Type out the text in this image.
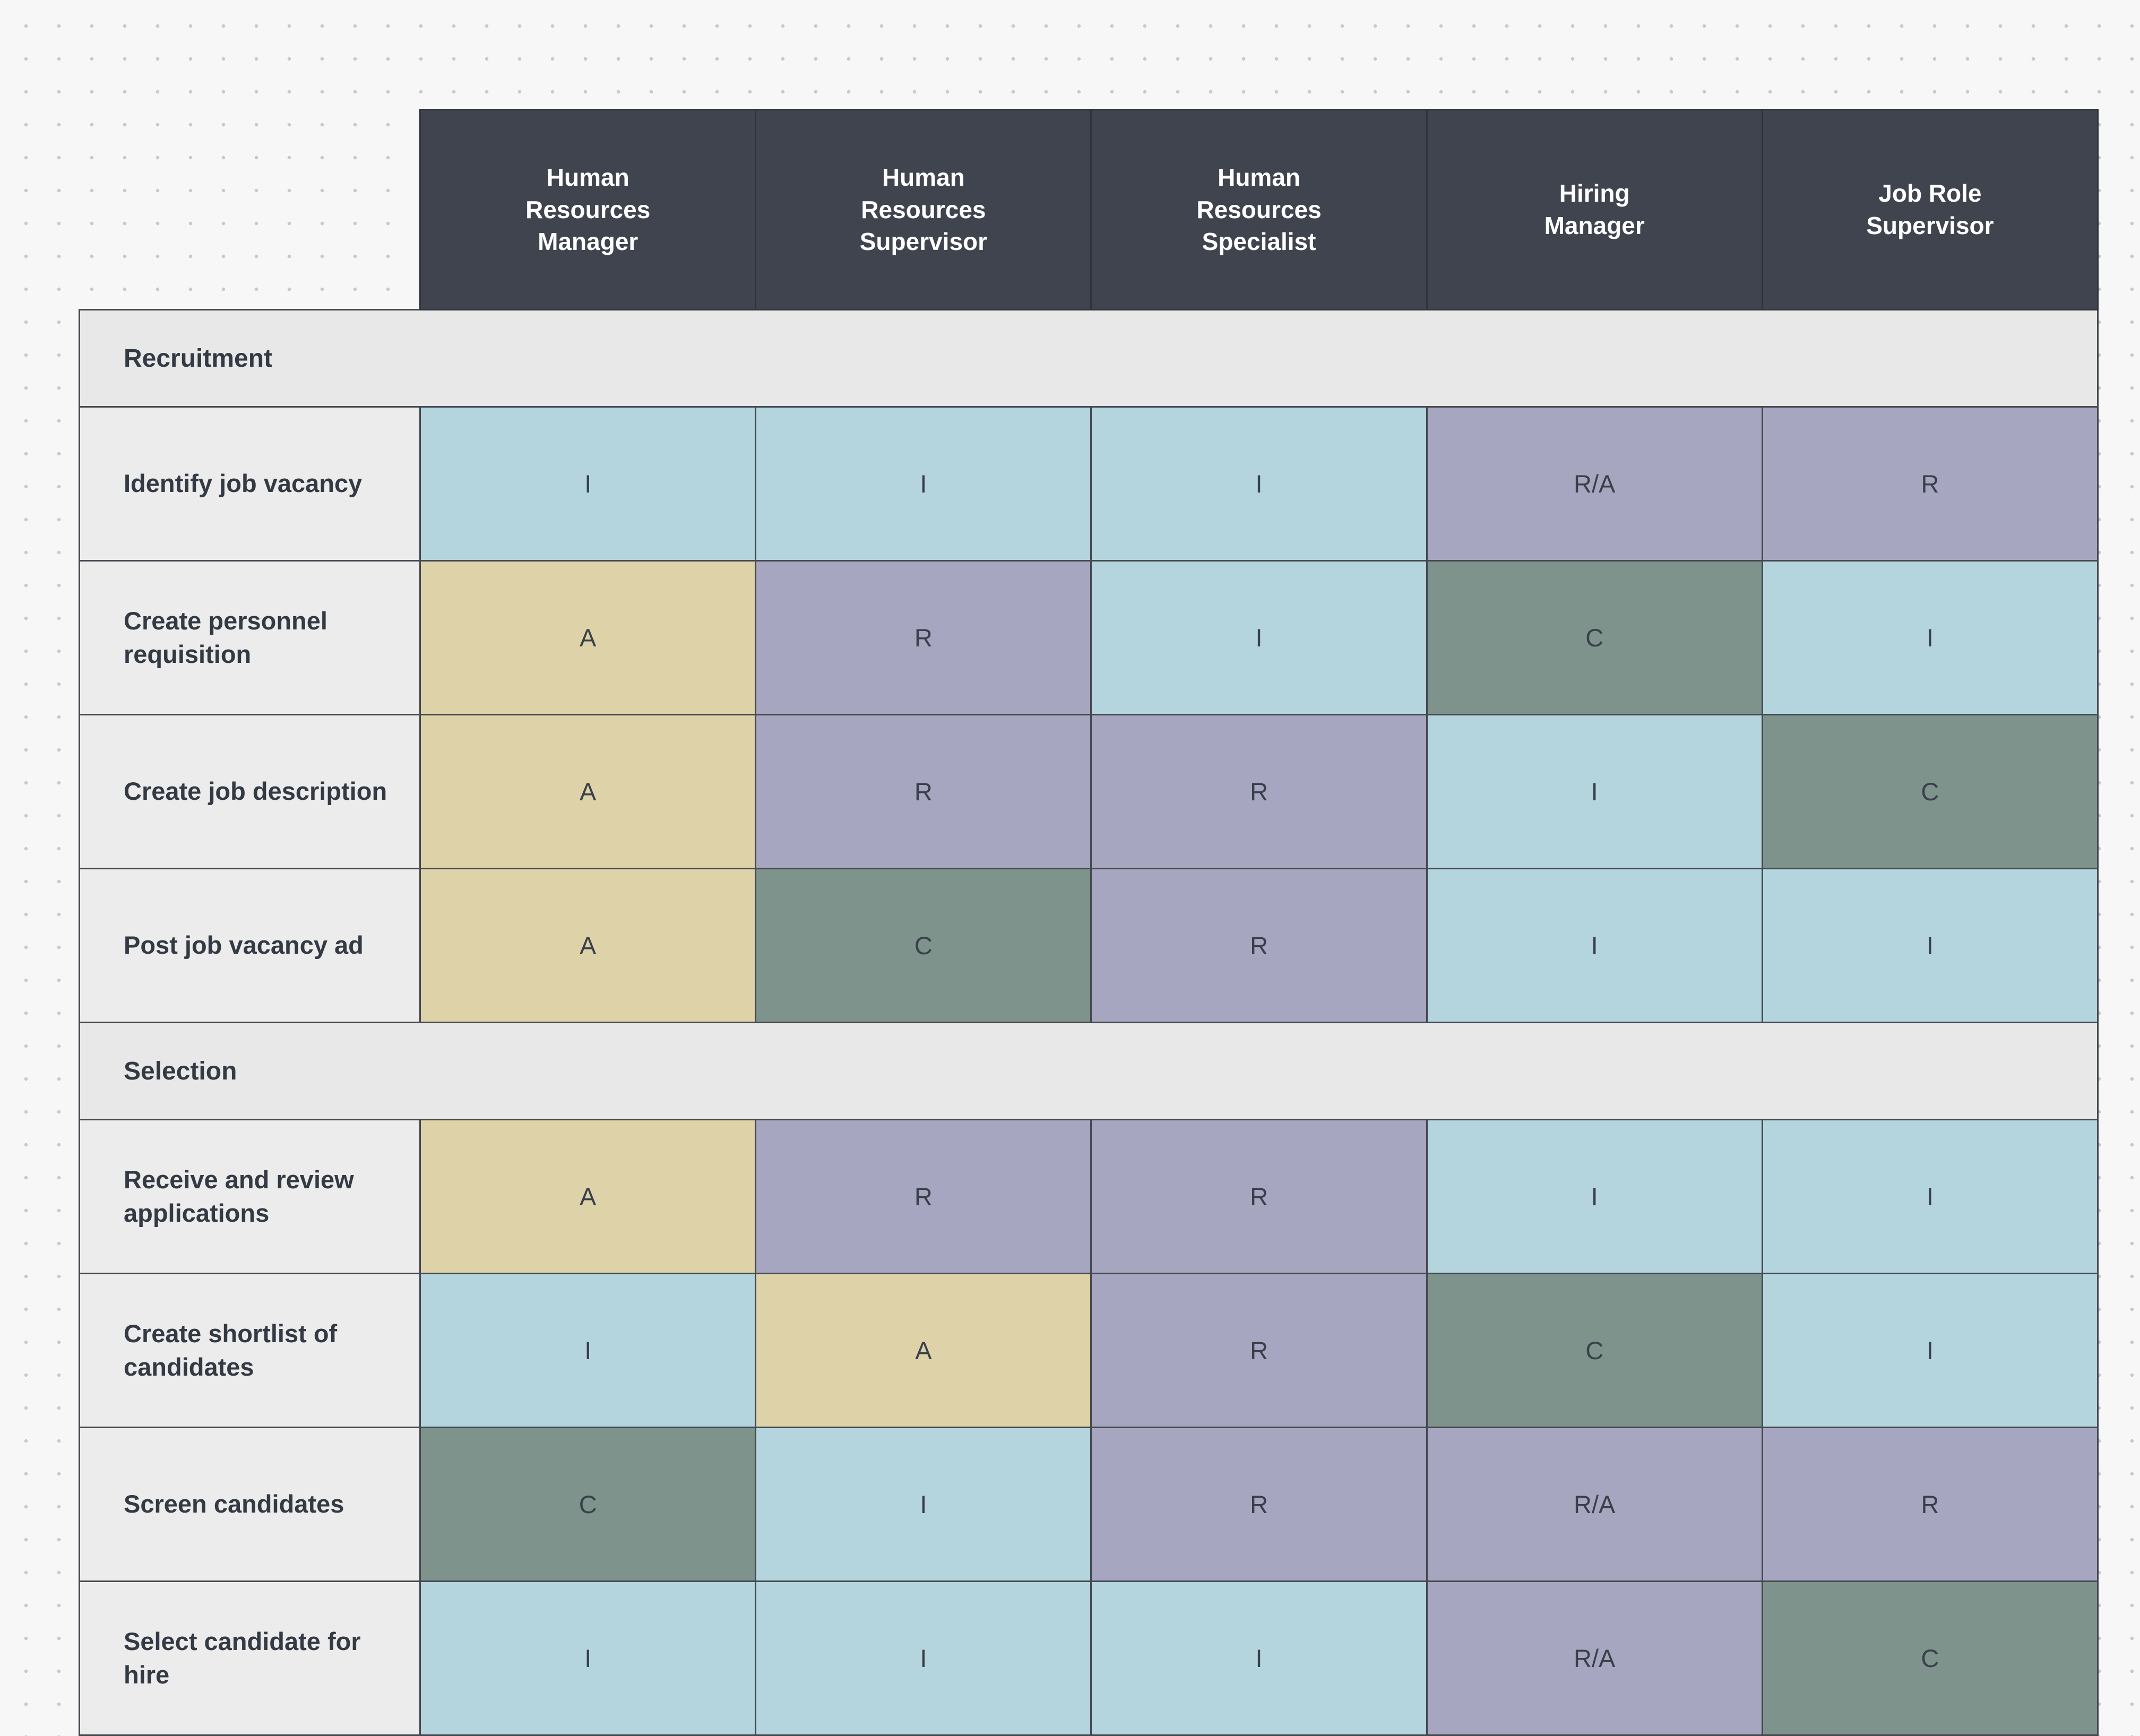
	Human
Resources
Manager	Human
Resources
Supervisor	Human
Resources
Specialist	Hiring
Manager	Job Role
Supervisor
Recruitment					
Identify job vacancy	I	I	I	R/A	R
Create personnel requisition	A	R	I	C	I
Create job description	A	R	R	I	C
Post job vacancy ad	A	C	R	I	I
Selection					
Receive and review applications	A	R	R	I	I
Create shortlist of candidates	I	A	R	C	I
Screen candidates	C	I	R	R/A	R
Select candidate for hire	I	I	I	R/A	C
